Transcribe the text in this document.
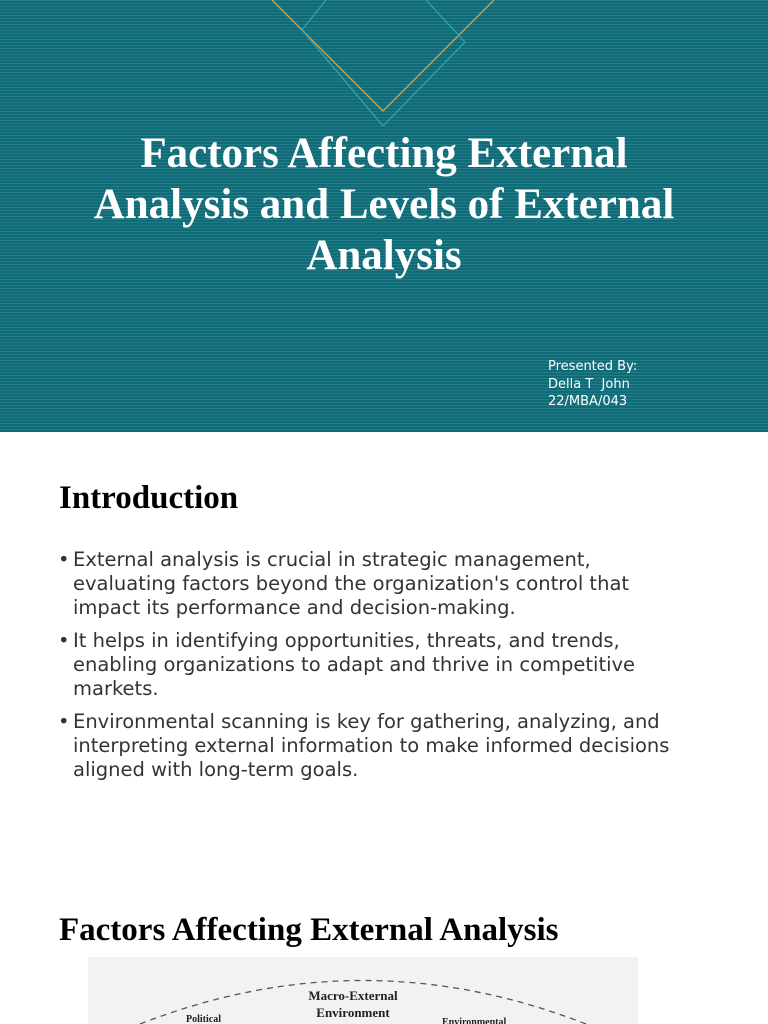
Factors Affecting External Analysis and Levels of External Analysis
Presented By:
Della T  John
22/MBA/043
Introduction
• External analysis is crucial in strategic management, evaluating factors beyond the organization's control that impact its performance and decision-making.
• It helps in identifying opportunities, threats, and trends, enabling organizations to adapt and thrive in competitive markets.
• Environmental scanning is key for gathering, analyzing, and interpreting external information to make informed decisions aligned with long-term goals.
Factors Affecting External Analysis
Macro-External
Environment
Political	Environmental
